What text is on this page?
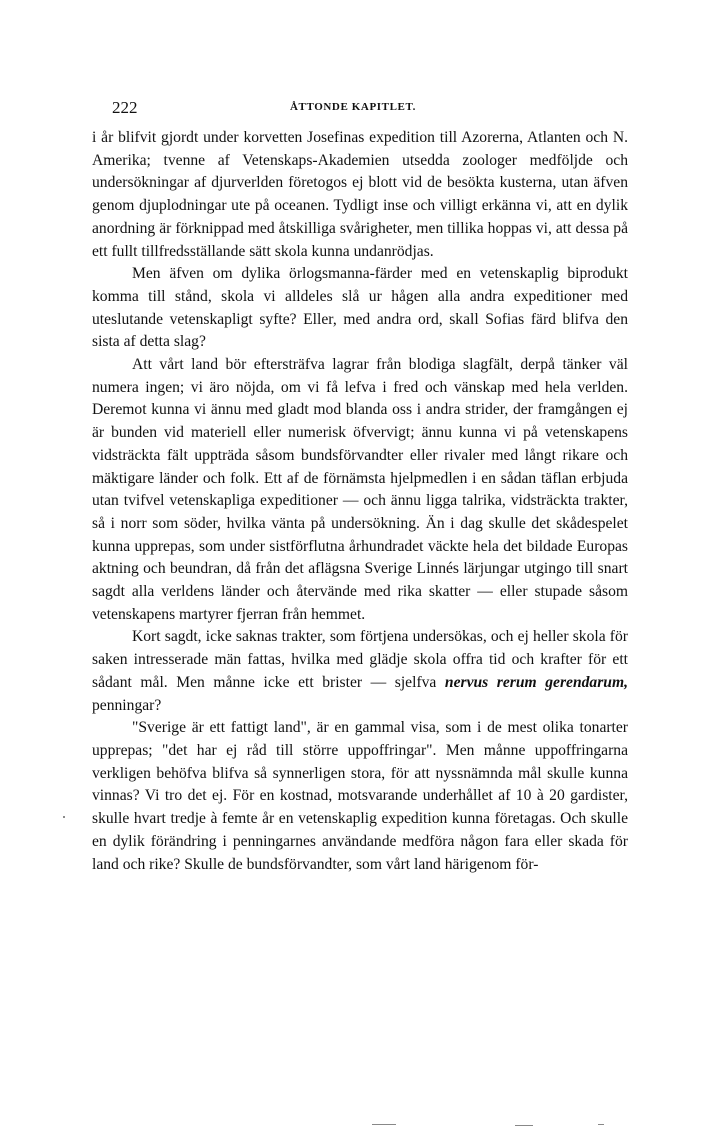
222	ÅTTONDE KAPITLET.

i år blifvit gjordt under korvetten Josefinas expedition till Azorerna, Atlanten och N. Amerika; tvenne af Vetenskaps-Akademien utsedda zoologer medföljde och undersökningar af djurverlden företogos ej blott vid de besökta kusterna, utan äfven genom djuplodningar ute på oceanen. Tydligt inse och villigt erkänna vi, att en dylik anordning är förknippad med åtskilliga svårigheter, men tillika hoppas vi, att dessa på ett fullt tillfredsställande sätt skola kunna undanrödjas.

Men äfven om dylika örlogsmanna-färder med en vetenskaplig biprodukt komma till stånd, skola vi alldeles slå ur hågen alla andra expeditioner med uteslutande vetenskapligt syfte? Eller, med andra ord, skall Sofias färd blifva den sista af detta slag?

Att vårt land bör eftersträfva lagrar från blodiga slagfält, derpå tänker väl numera ingen; vi äro nöjda, om vi få lefva i fred och vänskap med hela verlden. Deremot kunna vi ännu med gladt mod blanda oss i andra strider, der framgången ej är bunden vid materiell eller numerisk öfvervigt; ännu kunna vi på vetenskapens vidsträckta fält uppträda såsom bundsförvandter eller rivaler med långt rikare och mäktigare länder och folk. Ett af de förnämsta hjelpmedlen i en sådan täflan erbjuda utan tvifvel vetenskapliga expeditioner — och ännu ligga talrika, vidsträckta trakter, så i norr som söder, hvilka vänta på undersökning. Än i dag skulle det skådespelet kunna upprepas, som under sistförflutna århundradet väckte hela det bildade Europas aktning och beundran, då från det aflägsna Sverige Linnés lärjungar utgingo till snart sagdt alla verldens länder och återvände med rika skatter — eller stupade såsom vetenskapens martyrer fjerran från hemmet.

Kort sagdt, icke saknas trakter, som förtjena undersökas, och ej heller skola för saken intresserade män fattas, hvilka med glädje skola offra tid och krafter för ett sådant mål. Men månne icke ett brister — sjelfva nervus rerum gerendarum, penningar?

"Sverige är ett fattigt land", är en gammal visa, som i de mest olika tonarter upprepas; "det har ej råd till större uppoffringar". Men månne uppoffringarna verkligen behöfva blifva så synnerligen stora, för att nyssnämnda mål skulle kunna vinnas? Vi tro det ej. För en kostnad, motsvarande underhållet af 10 à 20 gardister, skulle hvart tredje à femte år en vetenskaplig expedition kunna företagas. Och skulle en dylik förändring i penningarnes användande medföra någon fara eller skada för land och rike? Skulle de bundsförvandter, som vårt land härigenom för-
